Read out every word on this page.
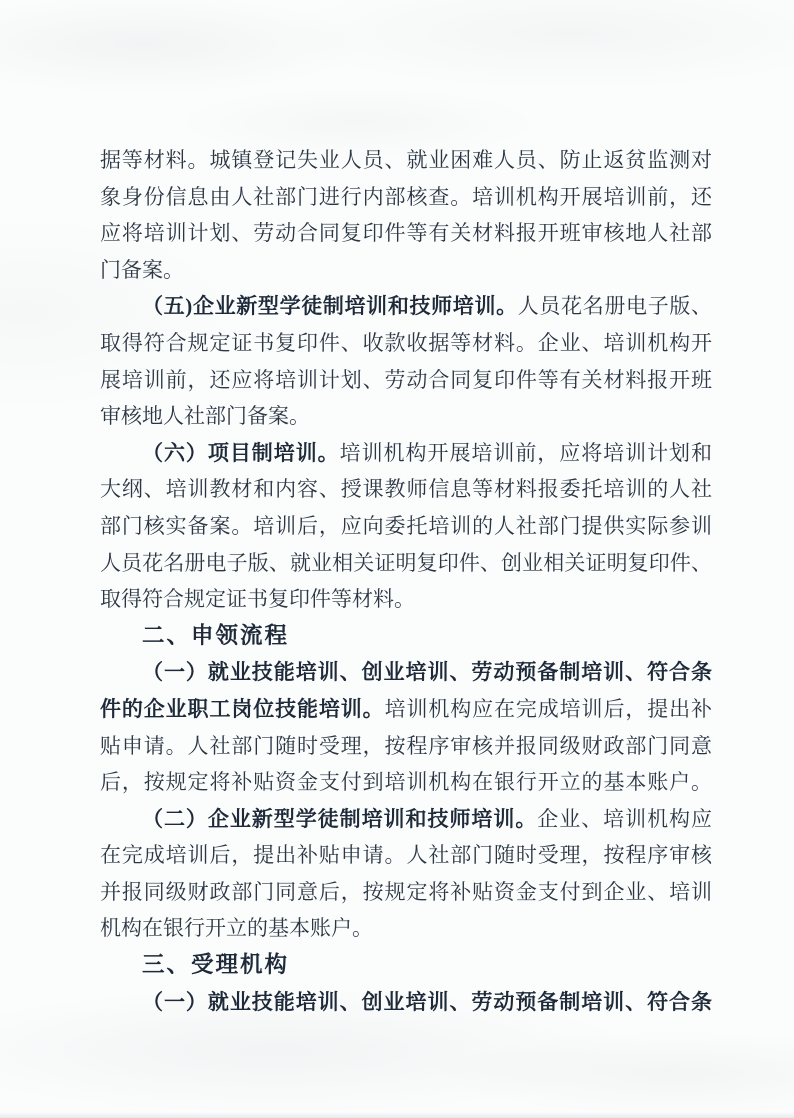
据等材料。城镇登记失业人员、就业困难人员、防止返贫监测对
象身份信息由人社部门进行内部核查。培训机构开展培训前，还
应将培训计划、劳动合同复印件等有关材料报开班审核地人社部
门备案。
（五)企业新型学徒制培训和技师培训。人员花名册电子版、
取得符合规定证书复印件、收款收据等材料。企业、培训机构开
展培训前，还应将培训计划、劳动合同复印件等有关材料报开班
审核地人社部门备案。
（六）项目制培训。培训机构开展培训前，应将培训计划和
大纲、培训教材和内容、授课教师信息等材料报委托培训的人社
部门核实备案。培训后，应向委托培训的人社部门提供实际参训
人员花名册电子版、就业相关证明复印件、创业相关证明复印件、
取得符合规定证书复印件等材料。
二、申领流程
（一）就业技能培训、创业培训、劳动预备制培训、符合条
件的企业职工岗位技能培训。培训机构应在完成培训后，提出补
贴申请。人社部门随时受理，按程序审核并报同级财政部门同意
后，按规定将补贴资金支付到培训机构在银行开立的基本账户。
（二）企业新型学徒制培训和技师培训。企业、培训机构应
在完成培训后，提出补贴申请。人社部门随时受理，按程序审核
并报同级财政部门同意后，按规定将补贴资金支付到企业、培训
机构在银行开立的基本账户。
三、受理机构
（一）就业技能培训、创业培训、劳动预备制培训、符合条
